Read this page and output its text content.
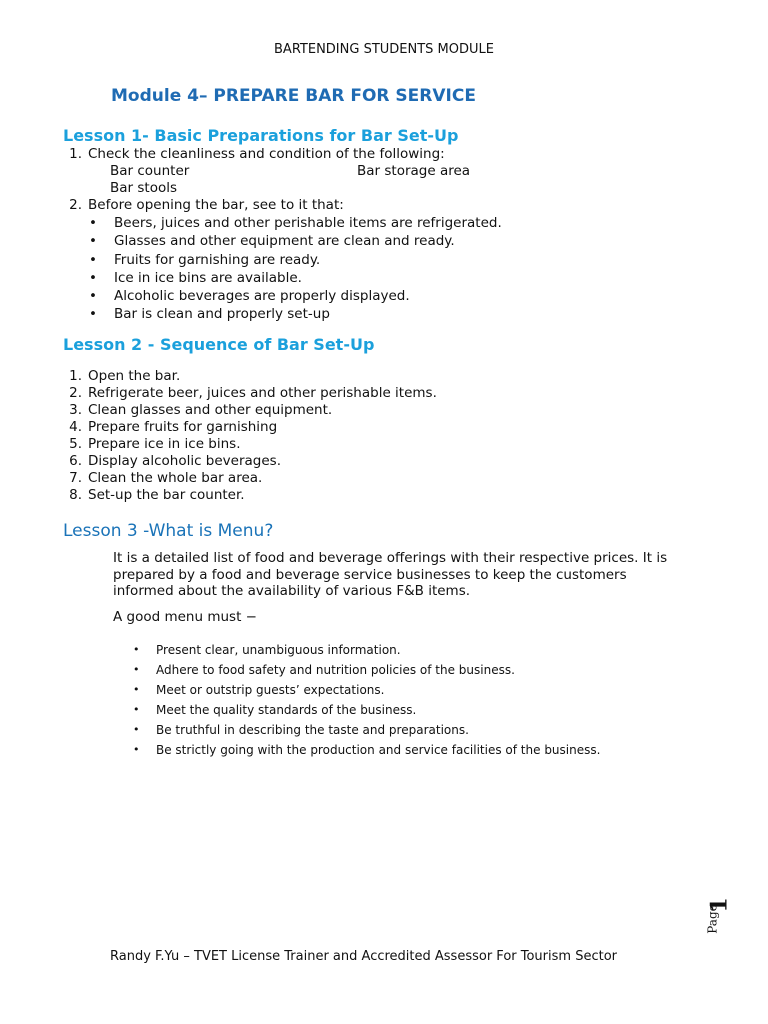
BARTENDING STUDENTS MODULE
Module 4– PREPARE BAR FOR SERVICE
Lesson 1- Basic Preparations for Bar Set-Up
1. Check the cleanliness and condition of the following:
Bar counter	Bar storage area
Bar stools
2. Before opening the bar, see to it that:
• Beers, juices and other perishable items are refrigerated.
• Glasses and other equipment are clean and ready.
• Fruits for garnishing are ready.
• Ice in ice bins are available.
• Alcoholic beverages are properly displayed.
• Bar is clean and properly set-up
Lesson 2 - Sequence of Bar Set-Up
1. Open the bar.
2. Refrigerate beer, juices and other perishable items.
3. Clean glasses and other equipment.
4. Prepare fruits for garnishing
5. Prepare ice in ice bins.
6. Display alcoholic beverages.
7. Clean the whole bar area.
8. Set-up the bar counter.
Lesson 3 -What is Menu?
It is a detailed list of food and beverage offerings with their respective prices. It is prepared by a food and beverage service businesses to keep the customers informed about the availability of various F&B items.
A good menu must −
• Present clear, unambiguous information.
• Adhere to food safety and nutrition policies of the business.
• Meet or outstrip guests’ expectations.
• Meet the quality standards of the business.
• Be truthful in describing the taste and preparations.
• Be strictly going with the production and service facilities of the business.
Page
1
Randy F.Yu – TVET License Trainer and Accredited Assessor For Tourism Sector
